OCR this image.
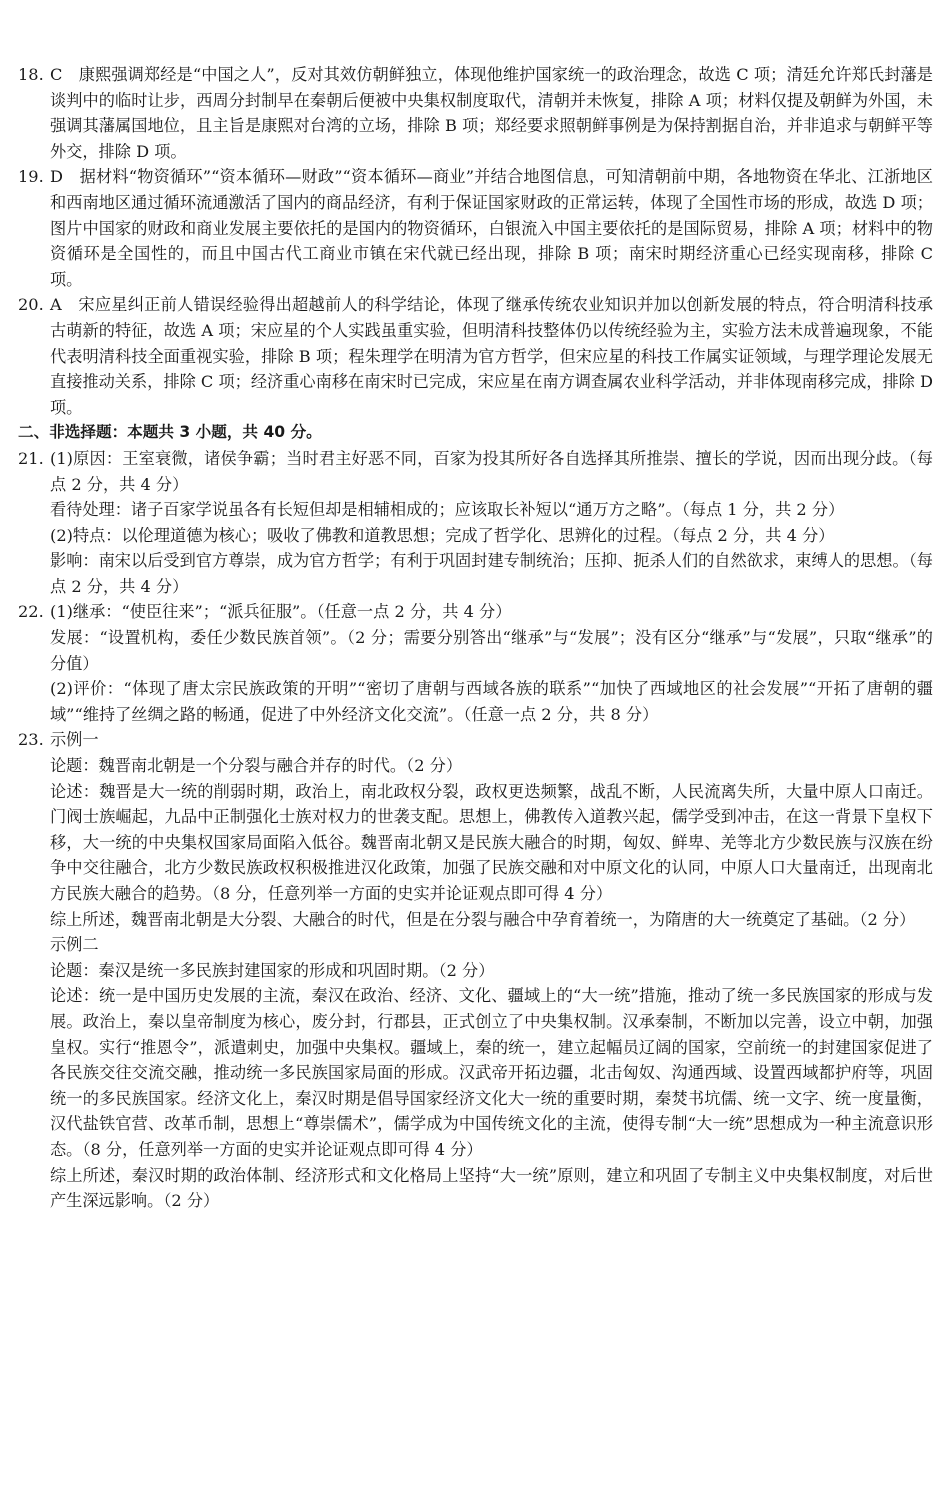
18. C　康熙强调郑经是“中国之人”，反对其效仿朝鲜独立，体现他维护国家统一的政治理念，故选 C 项；清廷允许郑氏封藩是谈判中的临时让步，西周分封制早在秦朝后便被中央集权制度取代，清朝并未恢复，排除 A 项；材料仅提及朝鲜为外国，未强调其藩属国地位，且主旨是康熙对台湾的立场，排除 B 项；郑经要求照朝鲜事例是为保持割据自治，并非追求与朝鲜平等外交，排除 D 项。
19. D　据材料“物资循环”“资本循环—财政”“资本循环—商业”并结合地图信息，可知清朝前中期，各地物资在华北、江浙地区和西南地区通过循环流通激活了国内的商品经济，有利于保证国家财政的正常运转，体现了全国性市场的形成，故选 D 项；图片中国家的财政和商业发展主要依托的是国内的物资循环，白银流入中国主要依托的是国际贸易，排除 A 项；材料中的物资循环是全国性的，而且中国古代工商业市镇在宋代就已经出现，排除 B 项；南宋时期经济重心已经实现南移，排除 C 项。
20. A　宋应星纠正前人错误经验得出超越前人的科学结论，体现了继承传统农业知识并加以创新发展的特点，符合明清科技承古萌新的特征，故选 A 项；宋应星的个人实践虽重实验，但明清科技整体仍以传统经验为主，实验方法未成普遍现象，不能代表明清科技全面重视实验，排除 B 项；程朱理学在明清为官方哲学，但宋应星的科技工作属实证领域，与理学理论发展无直接推动关系，排除 C 项；经济重心南移在南宋时已完成，宋应星在南方调查属农业科学活动，并非体现南移完成，排除 D 项。
二、非选择题：本题共 3 小题，共 40 分。
21. (1)原因：王室衰微，诸侯争霸；当时君主好恶不同，百家为投其所好各自选择其所推崇、擅长的学说，因而出现分歧。（每点 2 分，共 4 分）
看待处理：诸子百家学说虽各有长短但却是相辅相成的；应该取长补短以“通万方之略”。（每点 1 分，共 2 分）
(2)特点：以伦理道德为核心；吸收了佛教和道教思想；完成了哲学化、思辨化的过程。（每点 2 分，共 4 分）
影响：南宋以后受到官方尊崇，成为官方哲学；有利于巩固封建专制统治；压抑、扼杀人们的自然欲求，束缚人的思想。（每点 2 分，共 4 分）
22. (1)继承：“使臣往来”；“派兵征服”。（任意一点 2 分，共 4 分）
发展：“设置机构，委任少数民族首领”。（2 分；需要分别答出“继承”与“发展”；没有区分“继承”与“发展”，只取“继承”的分值）
(2)评价：“体现了唐太宗民族政策的开明”“密切了唐朝与西域各族的联系”“加快了西域地区的社会发展”“开拓了唐朝的疆域”“维持了丝绸之路的畅通，促进了中外经济文化交流”。（任意一点 2 分，共 8 分）
23. 示例一
论题：魏晋南北朝是一个分裂与融合并存的时代。（2 分）
论述：魏晋是大一统的削弱时期，政治上，南北政权分裂，政权更迭频繁，战乱不断，人民流离失所，大量中原人口南迁。门阀士族崛起，九品中正制强化士族对权力的世袭支配。思想上，佛教传入道教兴起，儒学受到冲击，在这一背景下皇权下移，大一统的中央集权国家局面陷入低谷。魏晋南北朝又是民族大融合的时期，匈奴、鲜卑、羌等北方少数民族与汉族在纷争中交往融合，北方少数民族政权积极推进汉化政策，加强了民族交融和对中原文化的认同，中原人口大量南迁，出现南北方民族大融合的趋势。（8 分，任意列举一方面的史实并论证观点即可得 4 分）
综上所述，魏晋南北朝是大分裂、大融合的时代，但是在分裂与融合中孕育着统一，为隋唐的大一统奠定了基础。（2 分）
示例二
论题：秦汉是统一多民族封建国家的形成和巩固时期。（2 分）
论述：统一是中国历史发展的主流，秦汉在政治、经济、文化、疆域上的“大一统”措施，推动了统一多民族国家的形成与发展。政治上，秦以皇帝制度为核心，废分封，行郡县，正式创立了中央集权制。汉承秦制，不断加以完善，设立中朝，加强皇权。实行“推恩令”，派遣刺史，加强中央集权。疆域上，秦的统一，建立起幅员辽阔的国家，空前统一的封建国家促进了各民族交往交流交融，推动统一多民族国家局面的形成。汉武帝开拓边疆，北击匈奴、沟通西域、设置西域都护府等，巩固统一的多民族国家。经济文化上，秦汉时期是倡导国家经济文化大一统的重要时期，秦焚书坑儒、统一文字、统一度量衡，汉代盐铁官营、改革币制，思想上“尊崇儒术”，儒学成为中国传统文化的主流，使得专制“大一统”思想成为一种主流意识形态。（8 分，任意列举一方面的史实并论证观点即可得 4 分）
综上所述，秦汉时期的政治体制、经济形式和文化格局上坚持“大一统”原则，建立和巩固了专制主义中央集权制度，对后世产生深远影响。（2 分）
